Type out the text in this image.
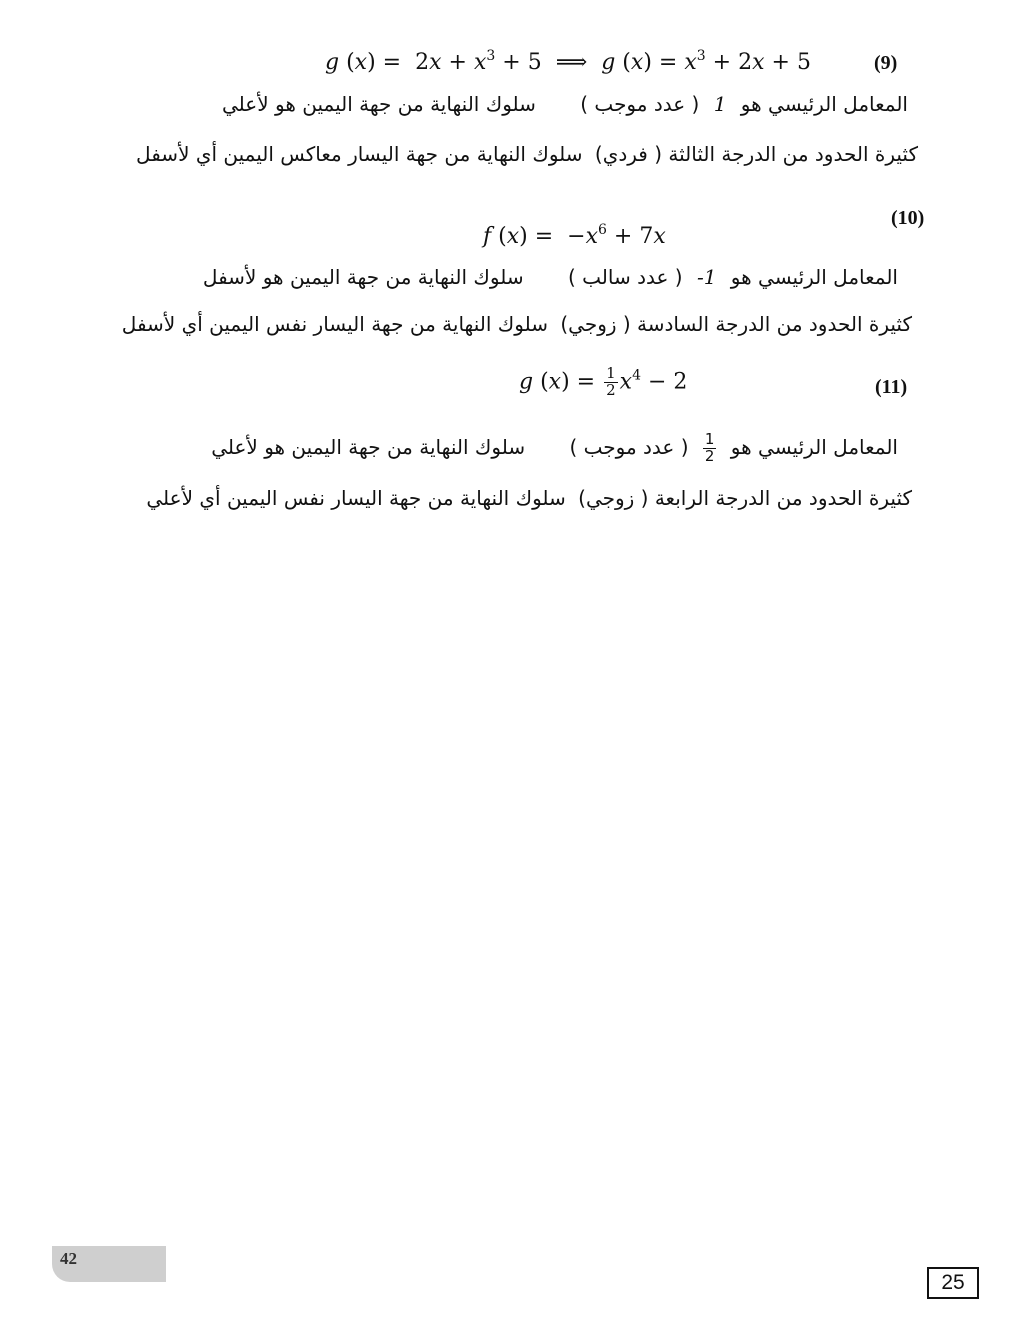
g $(x) = 2x + x^3 + 5$  ⟹  g $(x) = x^3 + 2x + 5$	(9)
المعامل الرئيسي هو 1 ( عدد موجب ) سلوك النهاية من جهة اليمين هو لأعلي
كثيرة الحدود من الدرجة الثالثة ( فردي) سلوك النهاية من جهة اليسار معاكس اليمين أي لأسفل
(10)
f $(x) = -x^6 + 7x$
المعامل الرئيسي هو -1 ( عدد سالب ) سلوك النهاية من جهة اليمين هو لأسفل
كثيرة الحدود من الدرجة السادسة ( زوجي) سلوك النهاية من جهة اليسار نفس اليمين أي لأسفل
g $(x) = \frac{1}{2} x^4 - 2$	(11)
المعامل الرئيسي هو
$\frac{1}{2}$
( عدد موجب ) سلوك النهاية من جهة اليمين هو لأعلي
كثيرة الحدود من الدرجة الرابعة ( زوجي) سلوك النهاية من جهة اليسار نفس اليمين أي لأعلي
42
25
